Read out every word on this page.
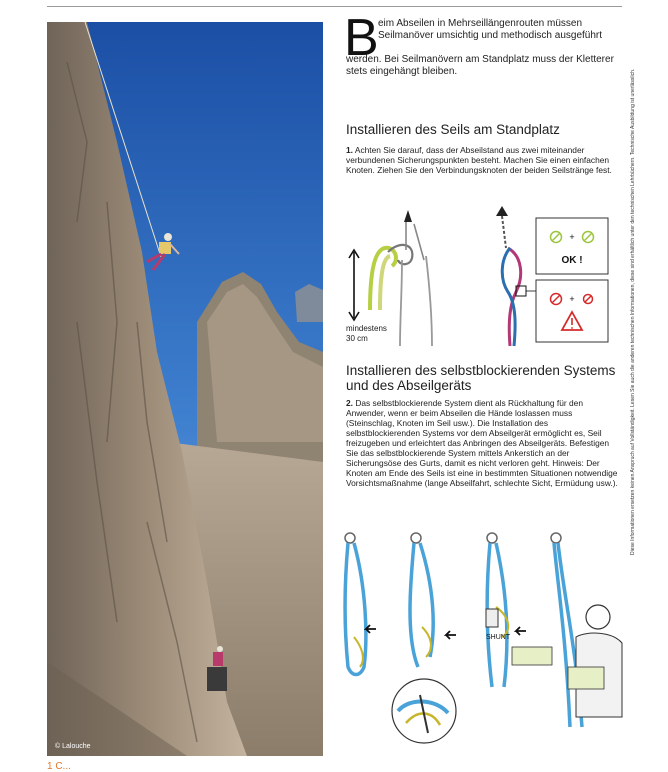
© Lalouche
B eim Abseilen in Mehrseillängenrouten müssen Seilmanöver umsichtig und methodisch ausgeführt
werden. Bei Seilmanövern am Standplatz muss der Kletterer stets eingehängt bleiben.
Installieren des Seils am Standplatz
1. Achten Sie darauf, dass der Abseilstand aus zwei miteinander verbundenen Sicherungspunkten besteht. Machen Sie einen einfachen Knoten. Ziehen Sie den Verbindungsknoten der beiden Seilstränge fest.
+
OK !
+
mindestens
30 cm
Installieren des selbstblockierenden Systems und des Abseilgeräts
2. Das selbstblockierende System dient als Rückhaltung für den Anwender, wenn er beim Abseilen die Hände loslassen muss (Steinschlag, Knoten im Seil usw.). Die Installation des selbstblockierenden Systems vor dem Abseilgerät ermöglicht es, Seil freizugeben und erleichtert das Anbringen des Abseilgeräts. Befestigen Sie das selbstblockierende System mittels Ankerstich an der Sicherungsöse des Gurts, damit es nicht verloren geht. Hinweis: Der Knoten am Ende des Seils ist eine in bestimmten Situationen notwendige Vorsichtsmaßnahme (lange Abseilfahrt, schlechte Sicht, Ermüdung usw.).
SHUNT
Diese Informationen ersetzen keinen Anspruch auf Vollständigkeit. Lesen Sie auch die anderen technischen Informationen, diese sind erhältlich unter den technischen Lehrbüchern. Technische Ausbildung ist unerlässlich.
1 C...
